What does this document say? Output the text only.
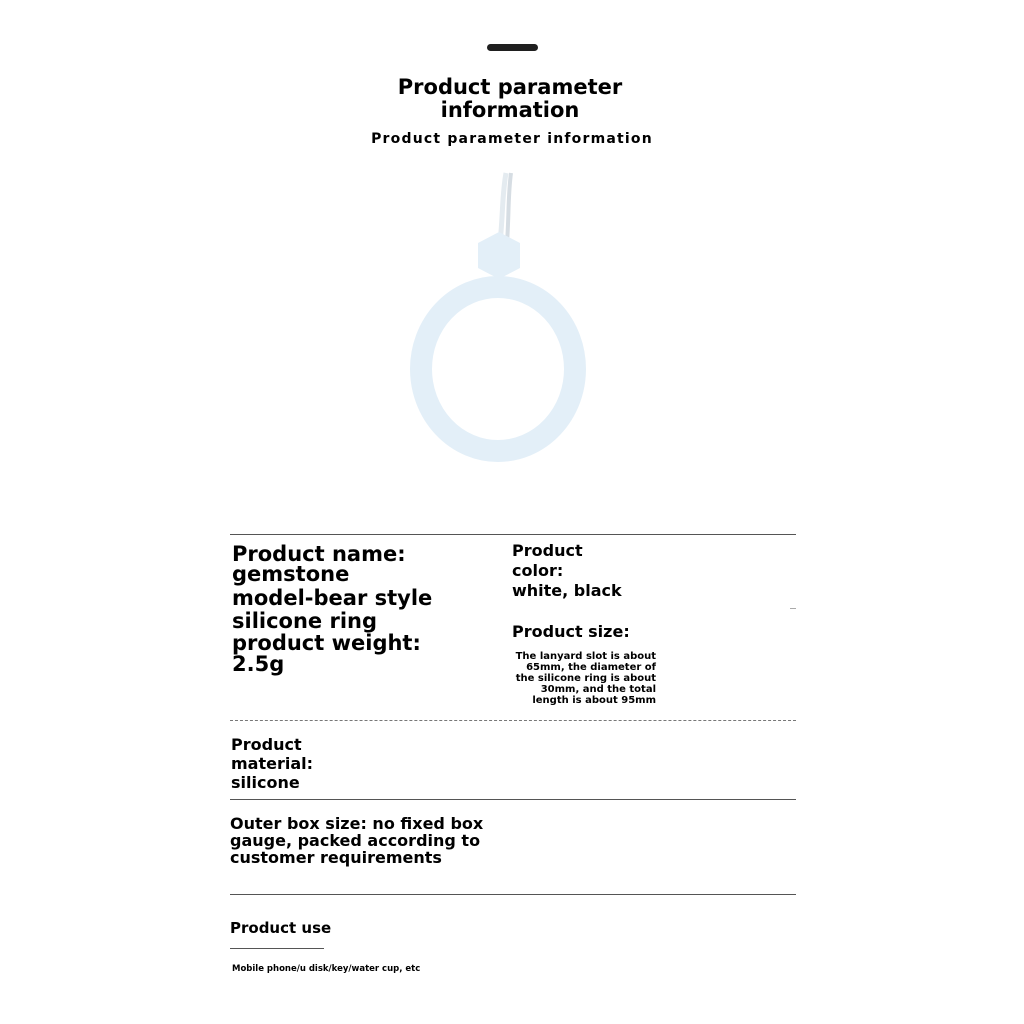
Product parameter information
Product parameter information
Product name:
gemstone
model-bear style
silicone ring
product weight:
2.5g
Product
color:
white, black
Product size:
The lanyard slot is about 65mm, the diameter of the silicone ring is about 30mm, and the total length is about 95mm
Product
material:
silicone
Outer box size: no fixed box gauge, packed according to customer requirements
Product use
Mobile phone/u disk/key/water cup, etc
